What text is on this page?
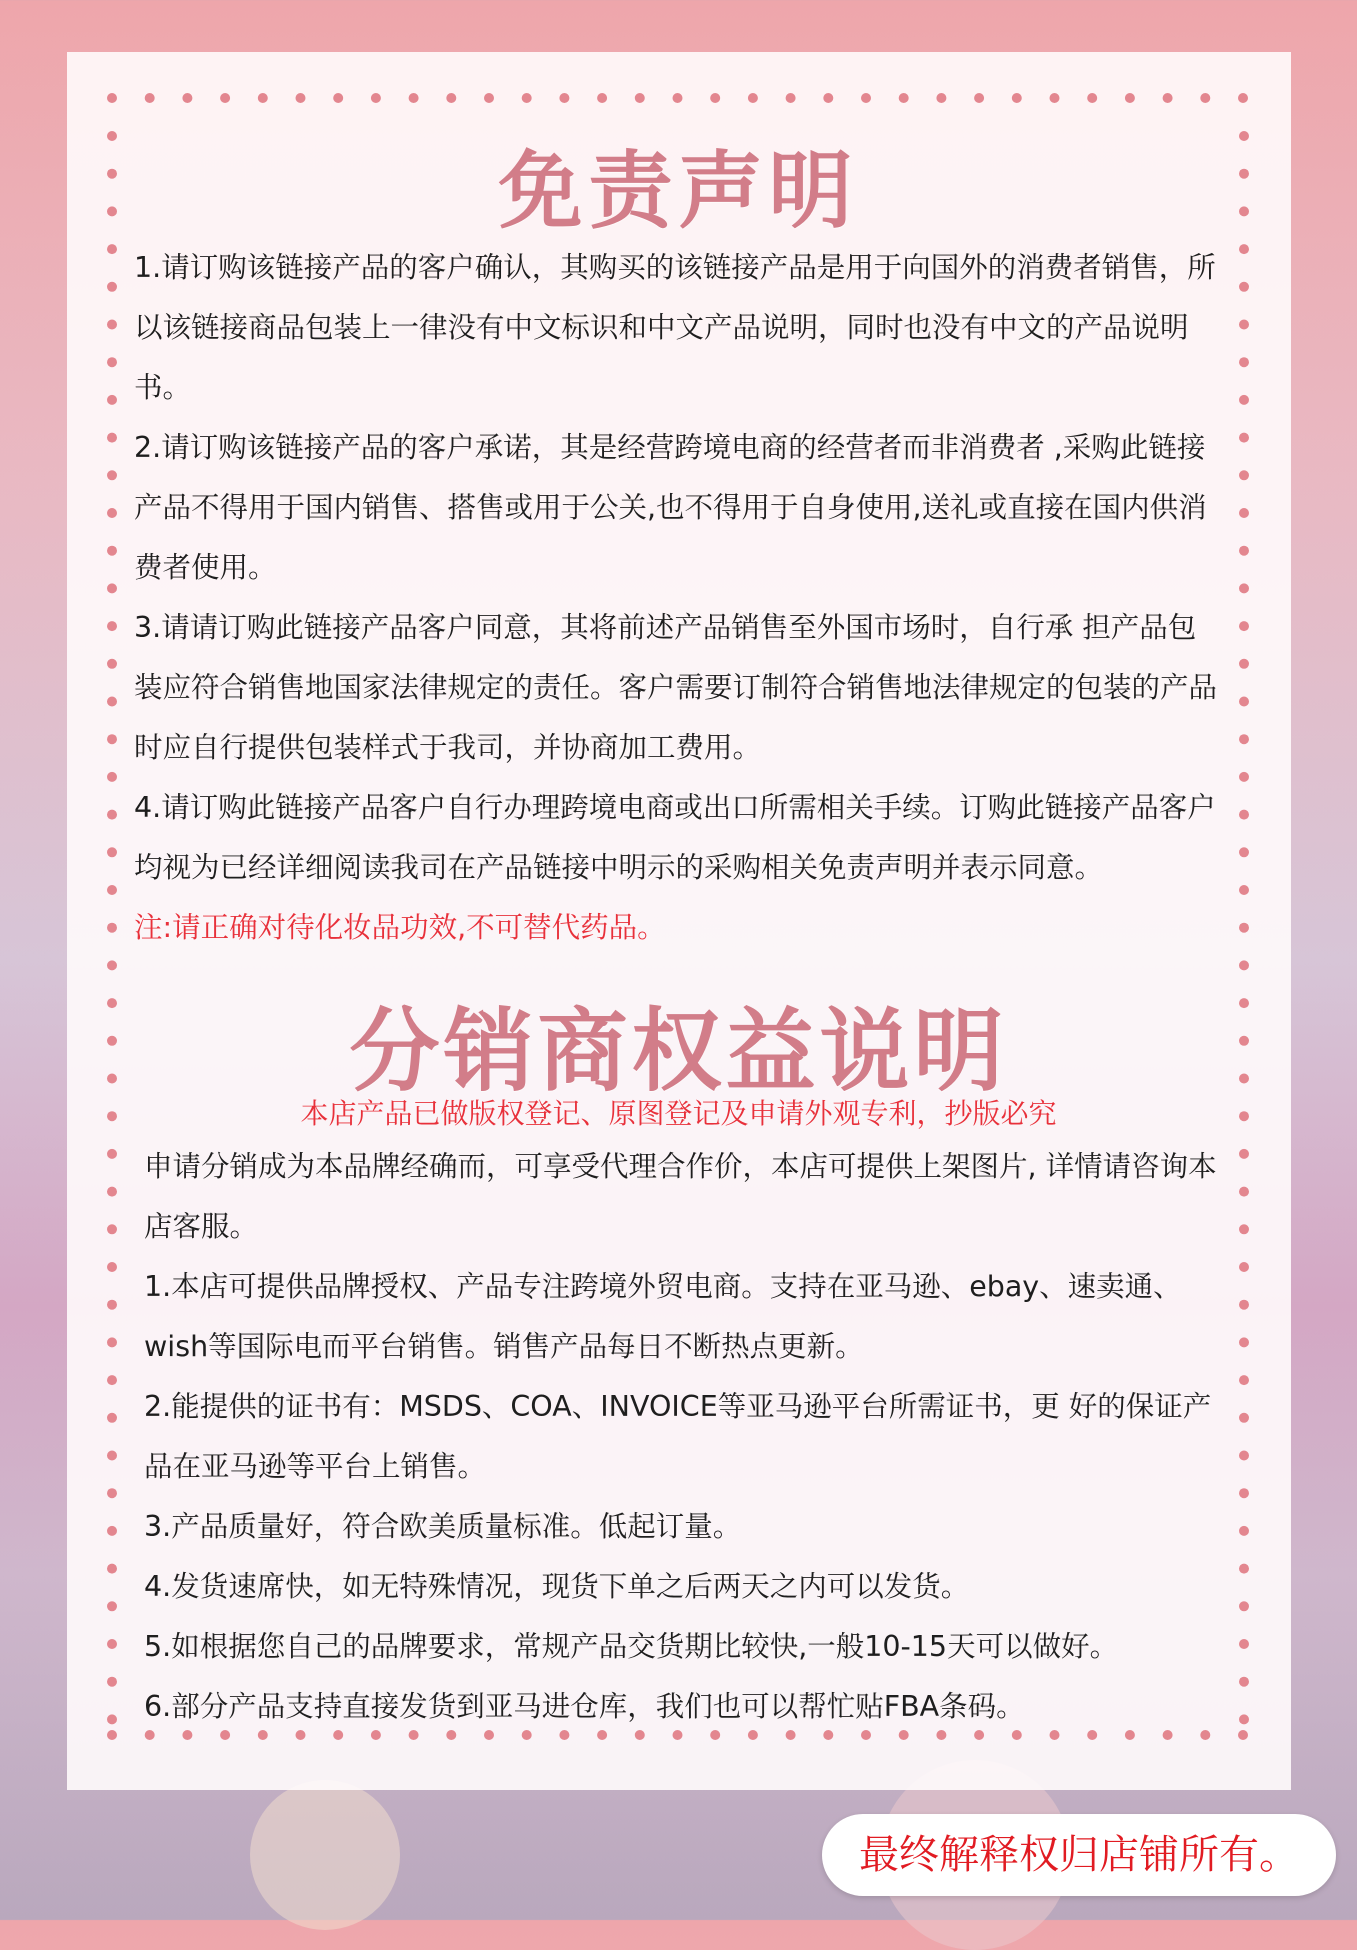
免责声明

1.请订购该链接产品的客户确认，其购买的该链接产品是用于向国外的消费者销售，所以该链接商品包装上一律没有中文标识和中文产品说明，同时也没有中文的产品说明书。

2.请订购该链接产品的客户承诺，其是经营跨境电商的经营者而非消费者 ,采购此链接产品不得用于国内销售、搭售或用于公关,也不得用于自身使用,送礼或直接在国内供消费者使用。

3.请请订购此链接产品客户同意，其将前述产品销售至外国市场时，自行承 担产品包装应符合销售地国家法律规定的责任。客户需要订制符合销售地法律规定的包装的产品时应自行提供包装样式于我司，并协商加工费用。

4.请订购此链接产品客户自行办理跨境电商或出口所需相关手续。订购此链接产品客户均视为已经详细阅读我司在产品链接中明示的采购相关免责声明并表示同意。

注:请正确对待化妆品功效,不可替代药品。

分销商权益说明
本店产品已做版权登记、原图登记及申请外观专利，抄版必究

申请分销成为本品牌经确而，可享受代理合作价，本店可提供上架图片, 详情请咨询本店客服。

1.本店可提供品牌授权、产品专注跨境外贸电商。支持在亚马逊、ebay、速卖通、wish等国际电而平台销售。销售产品每日不断热点更新。

2.能提供的证书有：MSDS、COA、INVOICE等亚马逊平台所需证书，更 好的保证产品在亚马逊等平台上销售。

3.产品质量好，符合欧美质量标准。低起订量。

4.发货速席快，如无特殊情况，现货下单之后两天之内可以发货。

5.如根据您自己的品牌要求，常规产品交货期比较快,一般10-15天可以做好。

6.部分产品支持直接发货到亚马进仓库，我们也可以帮忙贴FBA条码。

最终解释权归店铺所有。
